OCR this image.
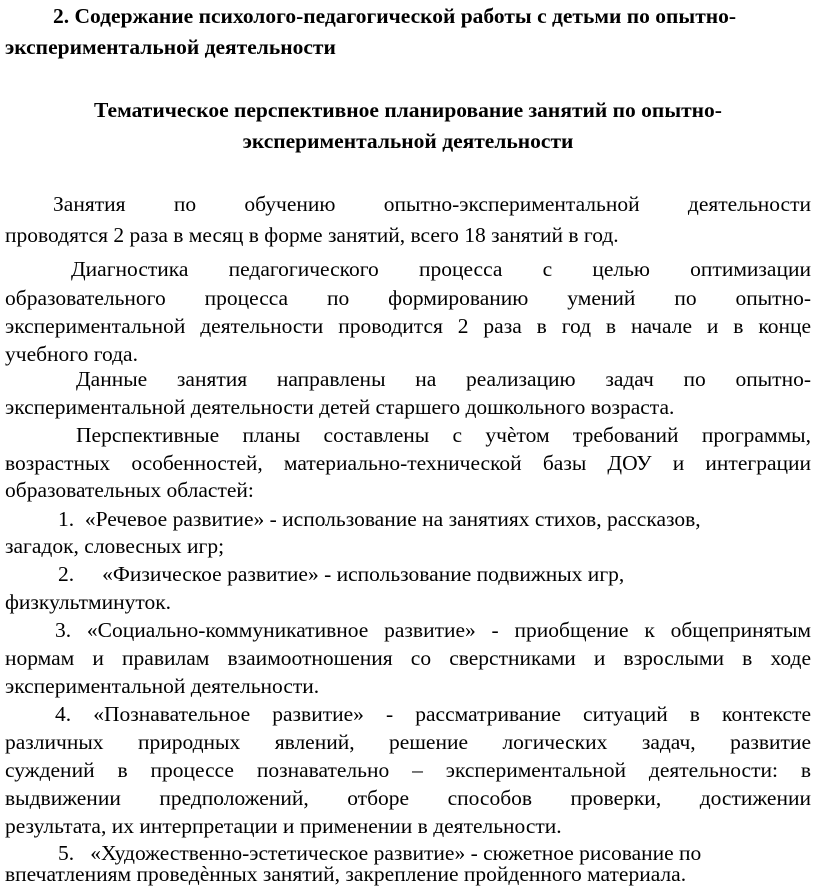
2. Содержание психолого-педагогической работы с детьми по опытно-
экспериментальной деятельности
Тематическое перспективное планирование занятий по опытно-
экспериментальной деятельности
Занятия по обучению опытно-экспериментальной деятельности
проводятся 2 раза в месяц в форме занятий, всего 18 занятий в год.
Диагностика педагогического процесса с целью оптимизации
образовательного процесса по формированию умений по опытно-
экспериментальной деятельности проводится 2 раза в год в начале и в конце
учебного года.
Данные занятия направлены на реализацию задач по опытно-
экспериментальной деятельности детей старшего дошкольного возраста.
Перспективные планы составлены с учѐтом требований программы,
возрастных особенностей, материально-технической базы ДОУ и интеграции
образовательных областей:
1. «Речевое развитие» - использование на занятиях стихов, рассказов,
загадок, словесных игр;
2. «Физическое развитие» - использование подвижных игр,
физкультминуток.
3. «Социально-коммуникативное развитие» - приобщение к общепринятым
нормам и правилам взаимоотношения со сверстниками и взрослыми в ходе
экспериментальной деятельности.
4. «Познавательное развитие» - рассматривание ситуаций в контексте
различных природных явлений, решение логических задач, развитие
суждений в процессе познавательно – экспериментальной деятельности: в
выдвижении предположений, отборе способов проверки, достижении
результата, их интерпретации и применении в деятельности.
5. «Художественно-эстетическое развитие» - сюжетное рисование по
впечатлениям проведѐнных занятий, закрепление пройденного материала.
